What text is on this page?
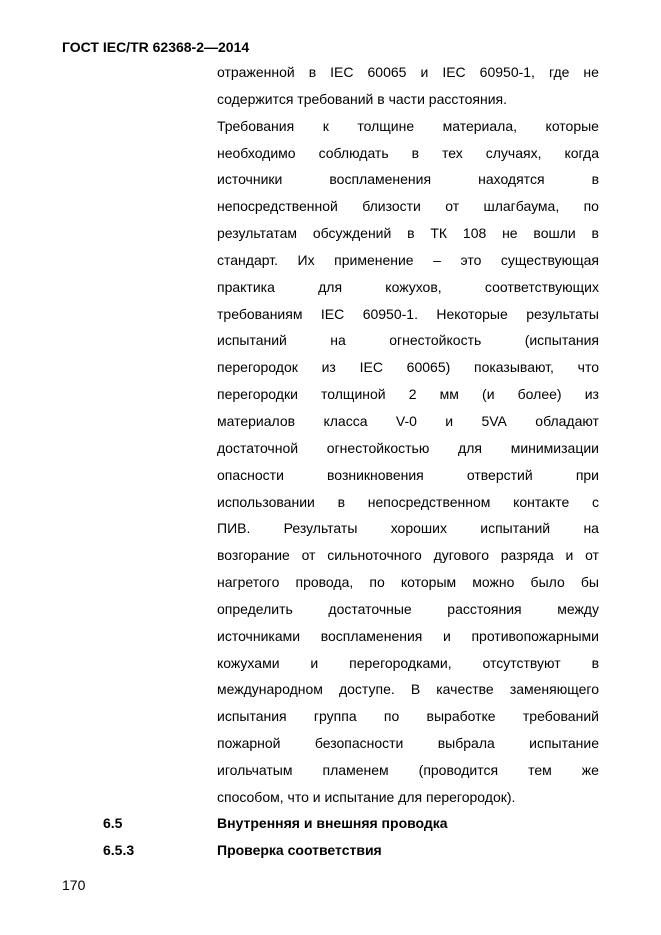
ГОСТ IEC/TR 62368-2—2014
отраженной в IEC 60065 и IEC 60950-1, где не
содержится требований в части расстояния.
Требования к толщине материала, которые
необходимо соблюдать в тех случаях, когда
источники	воспламенения	находятся	в
непосредственной близости от шлагбаума, по
результатам обсуждений в ТК 108 не вошли в
стандарт. Их применение – это существующая
практика	для	кожухов,	соответствующих
требованиям IEC 60950-1. Некоторые результаты
испытаний	на	огнестойкость	(испытания
перегородок из IEC 60065) показывают, что
перегородки толщиной 2 мм (и более) из
материалов класса V-0 и 5VA обладают
достаточной огнестойкостью для минимизации
опасности	возникновения	отверстий	при
использовании в непосредственном контакте с
ПИВ. Результаты хороших испытаний на
возгорание от сильноточного дугового разряда и от
нагретого провода, по которым можно было бы
определить	достаточные	расстояния	между
источниками воспламенения и противопожарными
кожухами и перегородками, отсутствуют в
международном доступе. В качестве заменяющего
испытания группа по выработке требований
пожарной безопасности выбрала испытание
игольчатым пламенем (проводится тем же
способом, что и испытание для перегородок).
6.5	Внутренняя и внешняя проводка
6.5.3	Проверка соответствия
170
